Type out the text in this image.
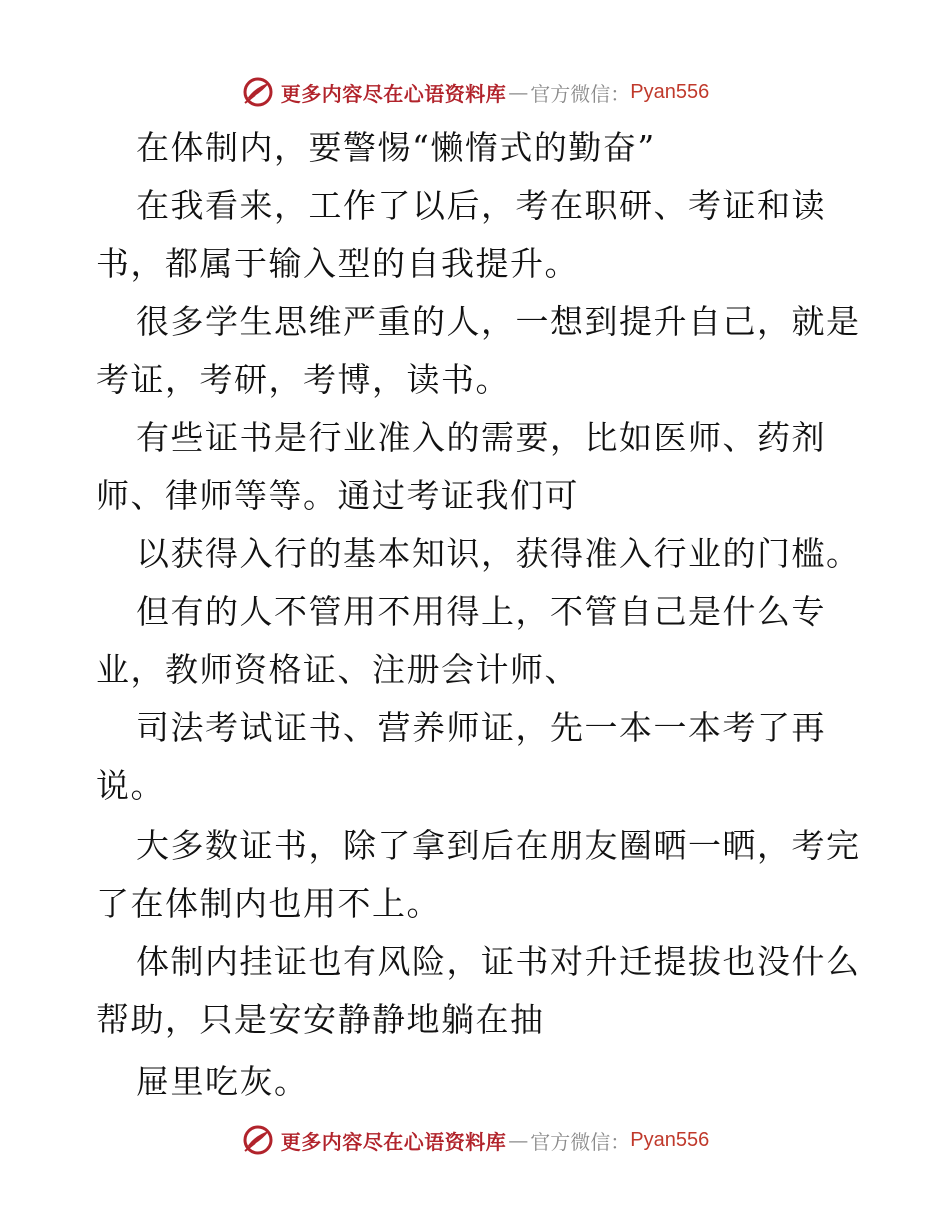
更多内容尽在心语资料库 — 官方微信： Pyan556
在体制内，要警惕“懒惰式的勤奋”
在我看来，工作了以后，考在职研、考证和读
书，都属于输入型的自我提升。
很多学生思维严重的人，一想到提升自己，就是
考证，考研，考博，读书。
有些证书是行业准入的需要，比如医师、药剂
师、律师等等。通过考证我们可
以获得入行的基本知识，获得准入行业的门槛。
但有的人不管用不用得上，不管自己是什么专
业，教师资格证、注册会计师、
司法考试证书、营养师证，先一本一本考了再
说。
大多数证书，除了拿到后在朋友圈晒一晒，考完
了在体制内也用不上。
体制内挂证也有风险，证书对升迁提拔也没什么
帮助，只是安安静静地躺在抽
屉里吃灰。
更多内容尽在心语资料库 — 官方微信： Pyan556
